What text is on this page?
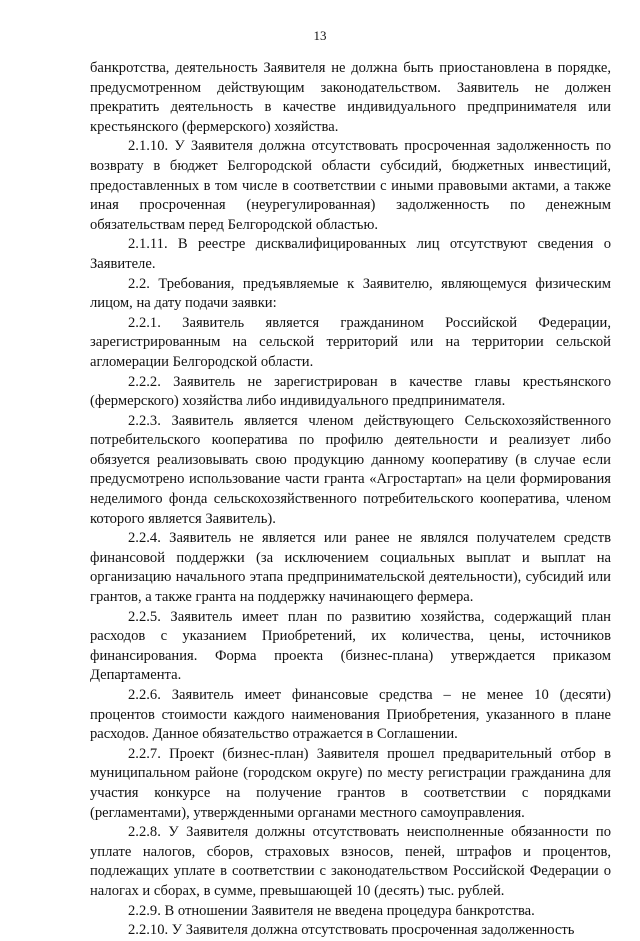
13

банкротства, деятельность Заявителя не должна быть приостановлена в порядке, предусмотренном действующим законодательством. Заявитель не должен прекратить деятельность в качестве индивидуального предпринимателя или крестьянского (фермерского) хозяйства.

2.1.10. У Заявителя должна отсутствовать просроченная задолженность по возврату в бюджет Белгородской области субсидий, бюджетных инвестиций, предоставленных в том числе в соответствии с иными правовыми актами, а также иная просроченная (неурегулированная) задолженность по денежным обязательствам перед Белгородской областью.

2.1.11. В реестре дисквалифицированных лиц отсутствуют сведения о Заявителе.

2.2. Требования, предъявляемые к Заявителю, являющемуся физическим лицом, на дату подачи заявки:

2.2.1. Заявитель является гражданином Российской Федерации, зарегистрированным на сельской территорий или на территории сельской агломерации Белгородской области.

2.2.2. Заявитель не зарегистрирован в качестве главы крестьянского (фермерского) хозяйства либо индивидуального предпринимателя.

2.2.3. Заявитель является членом действующего Сельскохозяйственного потребительского кооператива по профилю деятельности и реализует либо обязуется реализовывать свою продукцию данному кооперативу (в случае если предусмотрено использование части гранта «Агростартап» на цели формирования неделимого фонда сельскохозяйственного потребительского кооператива, членом которого является Заявитель).

2.2.4. Заявитель не является или ранее не являлся получателем средств финансовой поддержки (за исключением социальных выплат и выплат на организацию начального этапа предпринимательской деятельности), субсидий или грантов, а также гранта на поддержку начинающего фермера.

2.2.5. Заявитель имеет план по развитию хозяйства, содержащий план расходов с указанием Приобретений, их количества, цены, источников финансирования. Форма проекта (бизнес-плана) утверждается приказом Департамента.

2.2.6. Заявитель имеет финансовые средства – не менее 10 (десяти) процентов стоимости каждого наименования Приобретения, указанного в плане расходов. Данное обязательство отражается в Соглашении.

2.2.7. Проект (бизнес-план) Заявителя прошел предварительный отбор в муниципальном районе (городском округе) по месту регистрации гражданина для участия конкурсе на получение грантов в соответствии с порядками (регламентами), утвержденными органами местного самоуправления.

2.2.8. У Заявителя должны отсутствовать неисполненные обязанности по уплате налогов, сборов, страховых взносов, пеней, штрафов и процентов, подлежащих уплате в соответствии с законодательством Российской Федерации о налогах и сборах, в сумме, превышающей 10 (десять) тыс. рублей.

2.2.9. В отношении Заявителя не введена процедура банкротства.

2.2.10. У Заявителя должна отсутствовать просроченная задолженность
